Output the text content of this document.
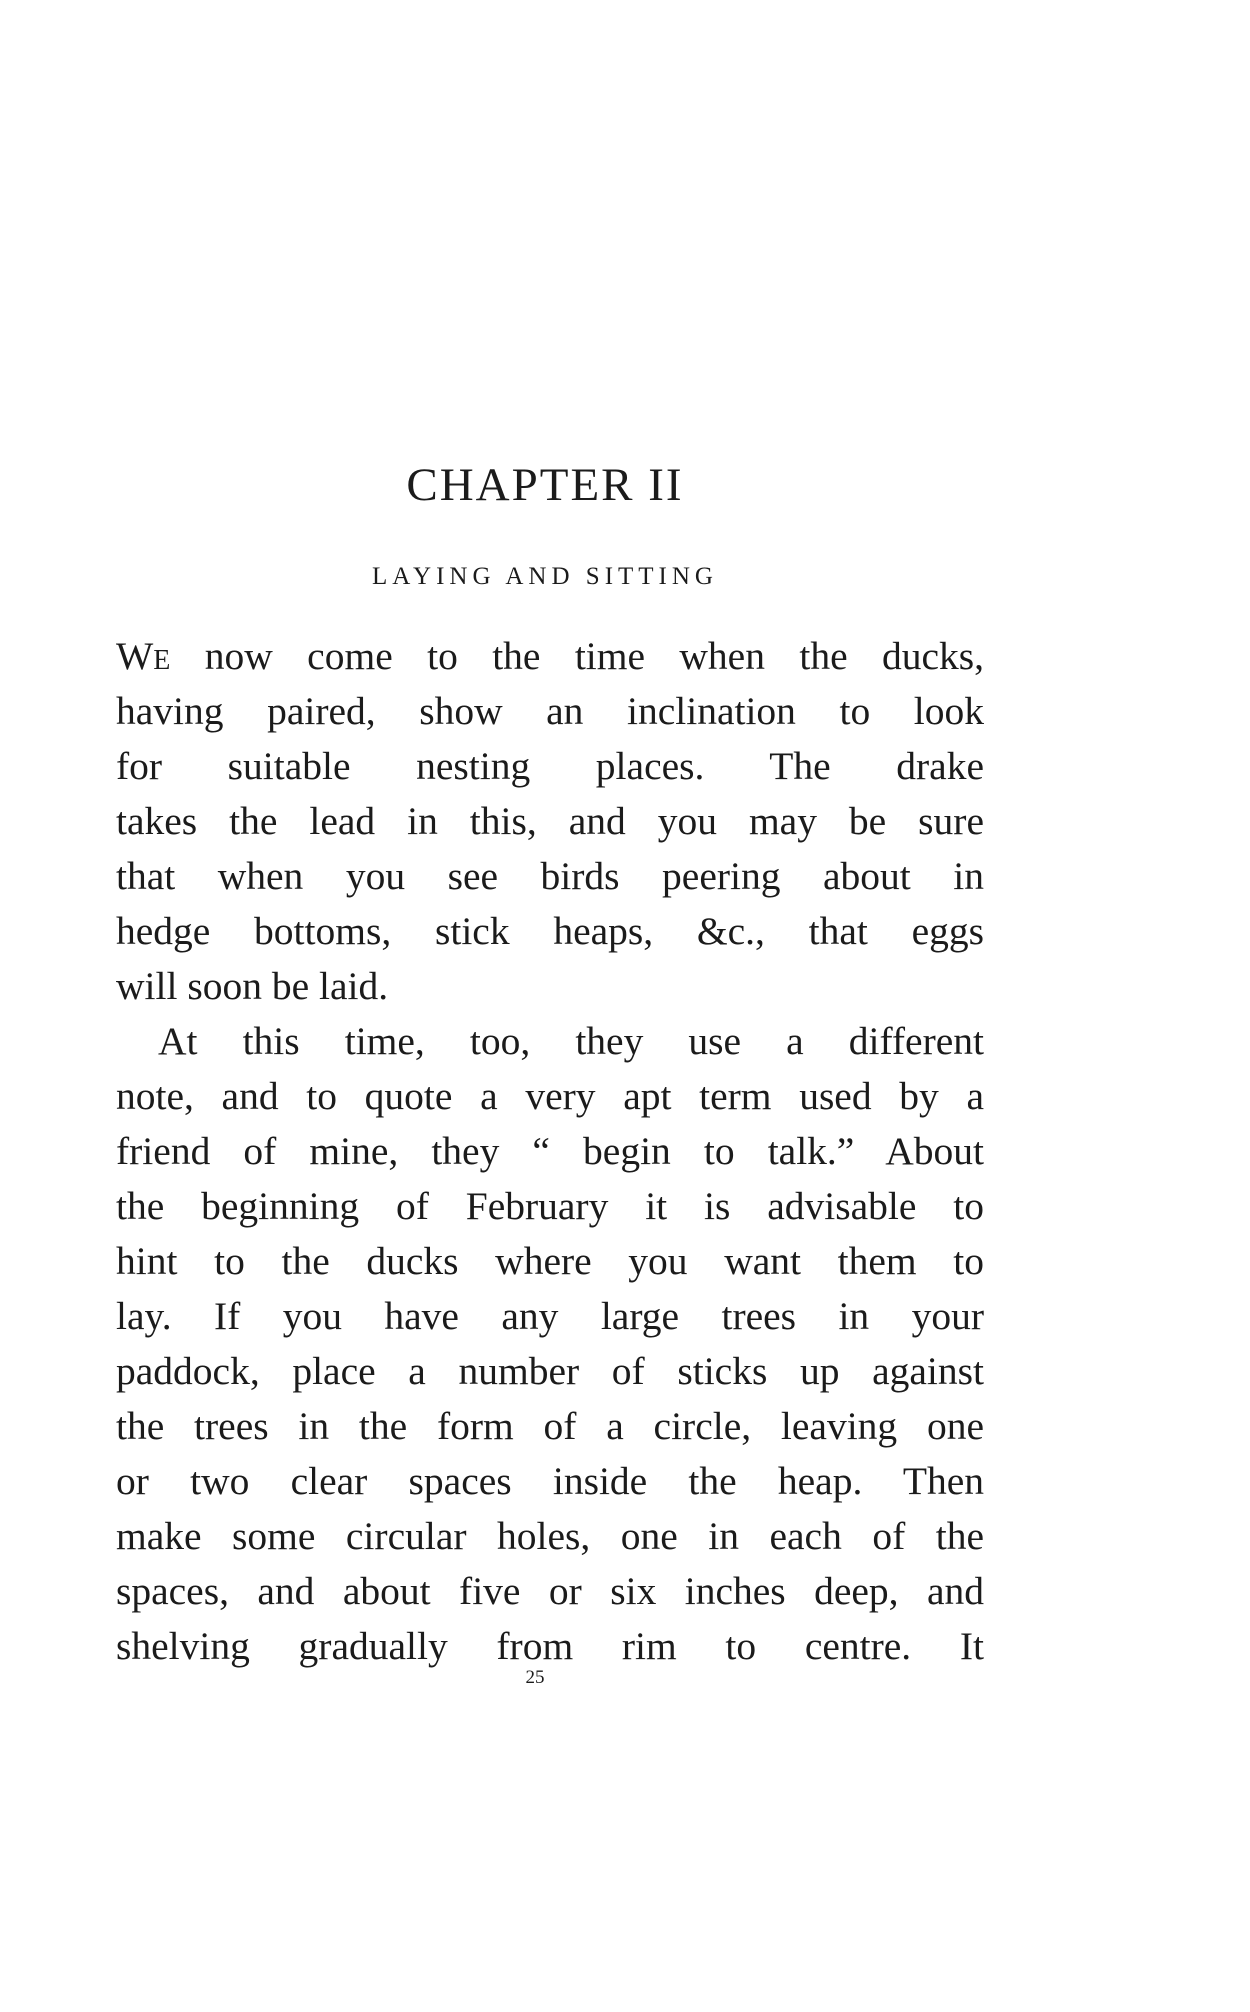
CHAPTER II
LAYING AND SITTING
WE now come to the time when the ducks,
having paired, show an inclination to look
for suitable nesting places. The drake
takes the lead in this, and you may be sure
that when you see birds peering about in
hedge bottoms, stick heaps, &c., that eggs
will soon be laid.
At this time, too, they use a different
note, and to quote a very apt term used by a
friend of mine, they “ begin to talk.” About
the beginning of February it is advisable to
hint to the ducks where you want them to
lay. If you have any large trees in your
paddock, place a number of sticks up against
the trees in the form of a circle, leaving one
or two clear spaces inside the heap. Then
make some circular holes, one in each of the
spaces, and about five or six inches deep, and
shelving gradually from rim to centre. It
25
